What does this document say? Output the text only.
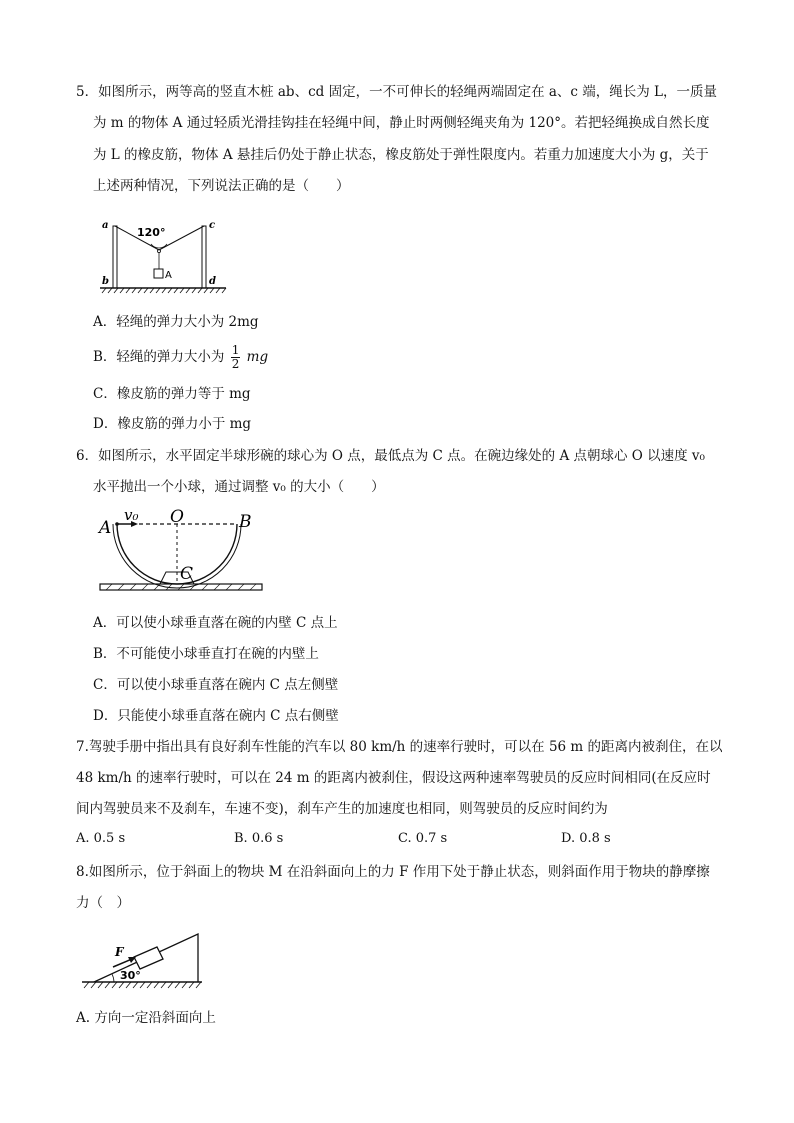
5．如图所示，两等高的竖直木桩 ab、cd 固定，一不可伸长的轻绳两端固定在 a、c 端，绳长为 L，一质量
为 m 的物体 A 通过轻质光滑挂钩挂在轻绳中间，静止时两侧轻绳夹角为 120°。若把轻绳换成自然长度
为 L 的橡皮筋，物体 A 悬挂后仍处于静止状态，橡皮筋处于弹性限度内。若重力加速度大小为 g，关于
上述两种情况，下列说法正确的是（　　）
120°
A
a
b
c
d
A．轻绳的弹力大小为 2mg
B．轻绳的弹力大小为 $\frac{1}{2}$ mg
C．橡皮筋的弹力等于 mg
D．橡皮筋的弹力小于 mg
6．如图所示，水平固定半球形碗的球心为 O 点，最低点为 C 点。在碗边缘处的 A 点朝球心 O 以速度 v₀
水平抛出一个小球，通过调整 v₀ 的大小（　　）
A
v₀ O	B
C
A．可以使小球垂直落在碗的内壁 C 点上
B．不可能使小球垂直打在碗的内壁上
C．可以使小球垂直落在碗内 C 点左侧壁
D．只能使小球垂直落在碗内 C 点右侧壁
7.驾驶手册中指出具有良好刹车性能的汽车以 80 km/h 的速率行驶时，可以在 56 m 的距离内被刹住，在以
48 km/h 的速率行驶时，可以在 24 m 的距离内被刹住，假设这两种速率驾驶员的反应时间相同(在反应时
间内驾驶员来不及刹车，车速不变)，刹车产生的加速度也相同，则驾驶员的反应时间约为
A. 0.5 s	B. 0.6 s	C. 0.7 s	D. 0.8 s
8.如图所示，位于斜面上的物块 M 在沿斜面向上的力 F 作用下处于静止状态，则斜面作用于物块的静摩擦
力（　）
F
30°
A. 方向一定沿斜面向上
